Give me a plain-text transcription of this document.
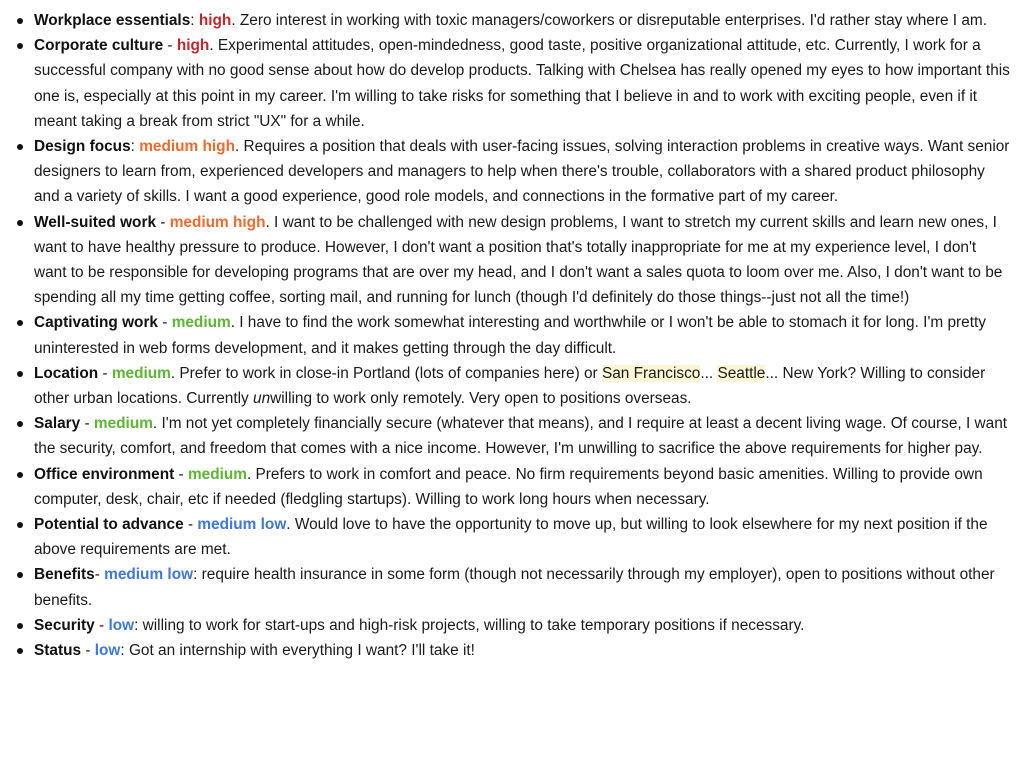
Workplace essentials: high. Zero interest in working with toxic managers/coworkers or disreputable enterprises. I'd rather stay where I am.
Corporate culture - high. Experimental attitudes, open-mindedness, good taste, positive organizational attitude, etc. Currently, I work for a successful company with no good sense about how do develop products. Talking with Chelsea has really opened my eyes to how important this one is, especially at this point in my career. I'm willing to take risks for something that I believe in and to work with exciting people, even if it meant taking a break from strict "UX" for a while.
Design focus: medium high. Requires a position that deals with user-facing issues, solving interaction problems in creative ways. Want senior designers to learn from, experienced developers and managers to help when there's trouble, collaborators with a shared product philosophy and a variety of skills. I want a good experience, good role models, and connections in the formative part of my career.
Well-suited work - medium high. I want to be challenged with new design problems, I want to stretch my current skills and learn new ones, I want to have healthy pressure to produce. However, I don't want a position that's totally inappropriate for me at my experience level, I don't want to be responsible for developing programs that are over my head, and I don't want a sales quota to loom over me. Also, I don't want to be spending all my time getting coffee, sorting mail, and running for lunch (though I'd definitely do those things--just not all the time!)
Captivating work - medium. I have to find the work somewhat interesting and worthwhile or I won't be able to stomach it for long. I'm pretty uninterested in web forms development, and it makes getting through the day difficult.
Location - medium. Prefer to work in close-in Portland (lots of companies here) or San Francisco... Seattle... New York? Willing to consider other urban locations. Currently unwilling to work only remotely. Very open to positions overseas.
Salary - medium. I'm not yet completely financially secure (whatever that means), and I require at least a decent living wage. Of course, I want the security, comfort, and freedom that comes with a nice income. However, I'm unwilling to sacrifice the above requirements for higher pay.
Office environment - medium. Prefers to work in comfort and peace. No firm requirements beyond basic amenities. Willing to provide own computer, desk, chair, etc if needed (fledgling startups). Willing to work long hours when necessary.
Potential to advance - medium low. Would love to have the opportunity to move up, but willing to look elsewhere for my next position if the above requirements are met.
Benefits- medium low: require health insurance in some form (though not necessarily through my employer), open to positions without other benefits.
Security - low: willing to work for start-ups and high-risk projects, willing to take temporary positions if necessary.
Status - low: Got an internship with everything I want? I'll take it!
